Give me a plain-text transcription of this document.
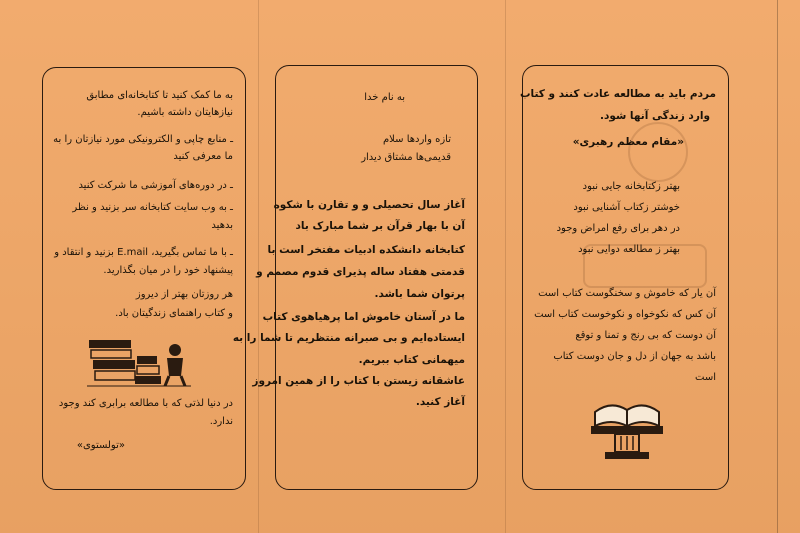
به ما کمک کنید تا کتابخانه‌ای مطابق
نیازهایتان داشته باشیم.
ـ منابع چاپی و الکترونیکی مورد نیازتان را به
ما معرفی کنید
ـ در دوره‌های آموزشی ما شرکت کنید
ـ به وب سایت کتابخانه سر بزنید و نظر
بدهید
ـ با ما تماس بگیرید، E.mail بزنید و انتقاد و
پیشنهاد خود را در میان بگذارید.
هر روزتان بهتر از دیروز
و کتاب راهنمای زندگیتان باد.
در دنیا لذتی که با مطالعه برابری کند وجود
ندارد.
«تولستوی»
به نام خدا
تازه واردها سلام
قدیمی‌ها مشتاق دیدار
آغاز سال تحصیلی و و تقارن با شکوه
آن با بهار قرآن بر شما مبارک باد
کتابخانه دانشکده ادبیات مفتخر است با
قدمتی هفتاد ساله پذیرای قدوم مصمم و
پرتوان شما باشد.
ما در آستان خاموش اما پرهیاهوی کتاب
ایستاده‌ایم و بی صبرانه منتظریم تا شما را به
میهمانی کتاب ببریم.
عاشقانه زیستن با کتاب را از همین امروز
آغاز کنید.
مردم باید به مطالعه عادت کنند و کتاب
وارد زندگی آنها شود.
«مقام معظم رهبری»
بهتر زکتابخانه جایی نبود
خوشتر زکتاب آشنایی نبود
در دهر برای رفع امراض وجود
بهتر ز مطالعه دوایی نبود
آن یار که خاموش و سخنگوست کتاب است
آن کس که نکوخواه و نکوخوست کتاب است
آن دوست که بی رنج و تمنا و توقع
باشد به جهان از دل و جان دوست کتاب
است
